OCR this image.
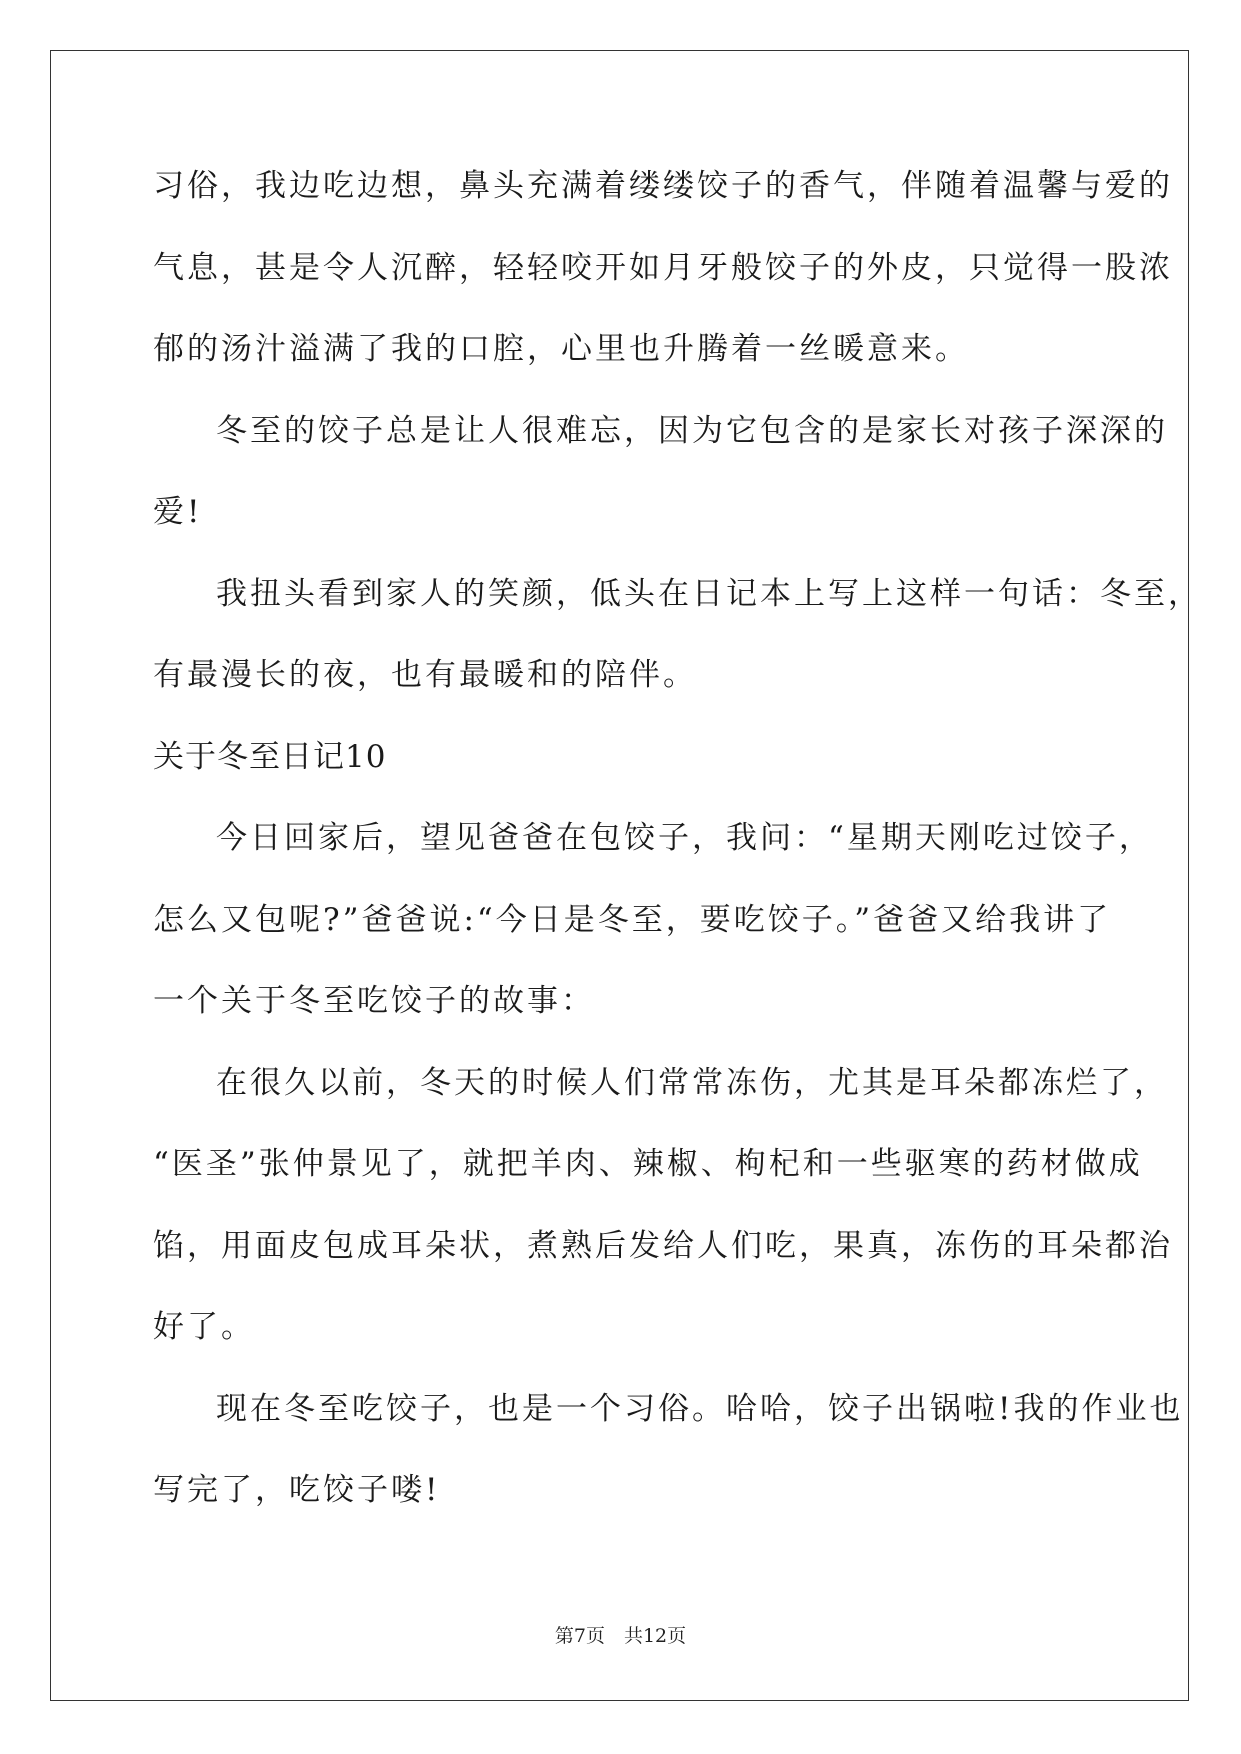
习俗，我边吃边想，鼻头充满着缕缕饺子的香气，伴随着温馨与爱的
气息，甚是令人沉醉，轻轻咬开如月牙般饺子的外皮，只觉得一股浓
郁的汤汁溢满了我的口腔，心里也升腾着一丝暖意来。
冬至的饺子总是让人很难忘，因为它包含的是家长对孩子深深的
爱!
我扭头看到家人的笑颜，低头在日记本上写上这样一句话：冬至，
有最漫长的夜，也有最暖和的陪伴。
关于冬至日记10
今日回家后，望见爸爸在包饺子，我问：“星期天刚吃过饺子，
怎么又包呢?”爸爸说:“今日是冬至，要吃饺子。”爸爸又给我讲了
一个关于冬至吃饺子的故事：
在很久以前，冬天的时候人们常常冻伤，尤其是耳朵都冻烂了，
“医圣”张仲景见了，就把羊肉、辣椒、枸杞和一些驱寒的药材做成
馅，用面皮包成耳朵状，煮熟后发给人们吃，果真，冻伤的耳朵都治
好了。
现在冬至吃饺子，也是一个习俗。哈哈，饺子出锅啦!我的作业也
写完了，吃饺子喽!
第7页　共12页
